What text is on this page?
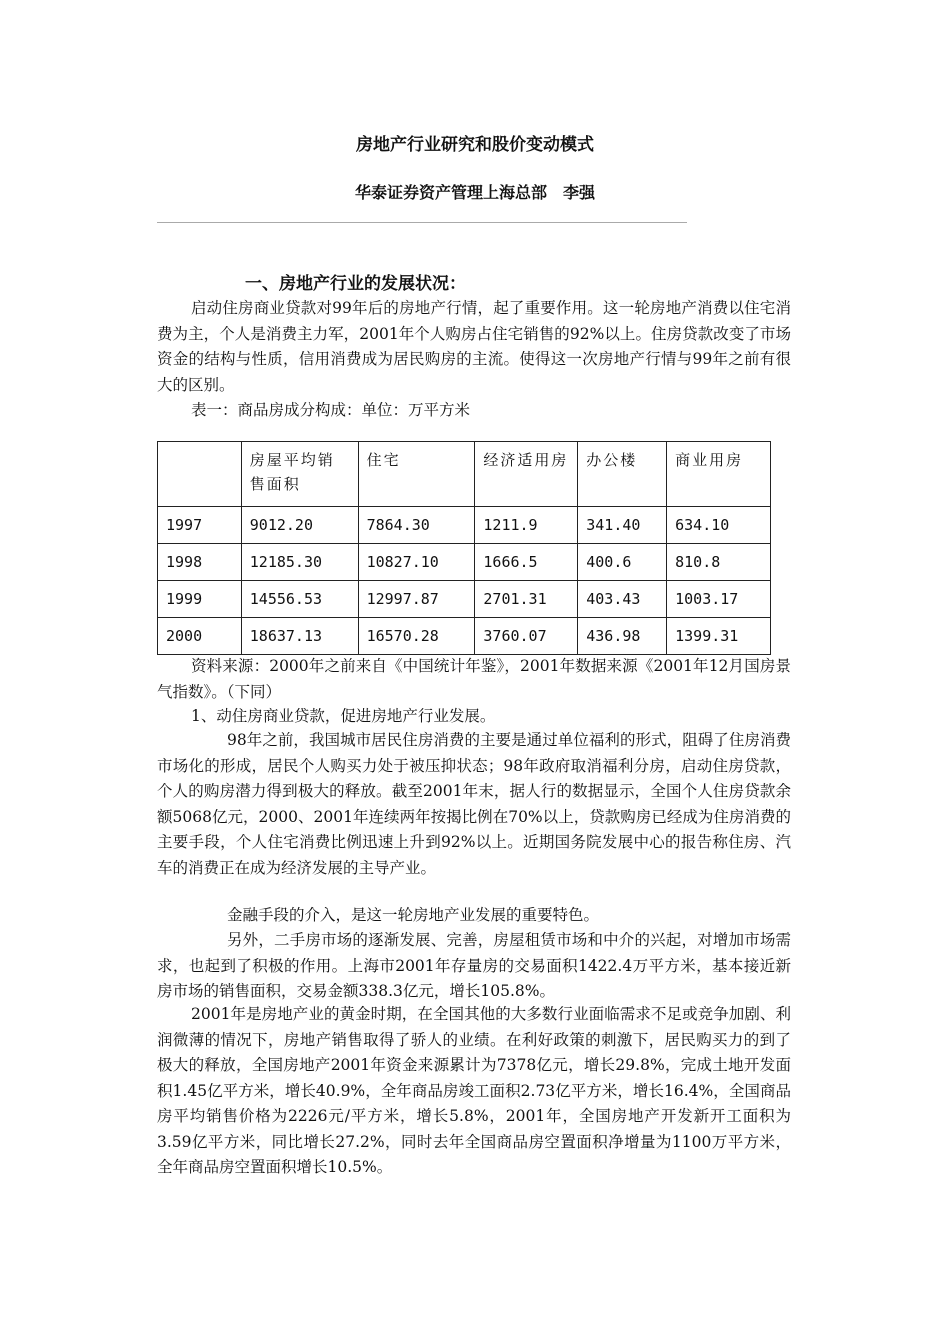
房地产行业研究和股价变动模式
华泰证券资产管理上海总部　李强
一、房地产行业的发展状况：

启动住房商业贷款对99年后的房地产行情，起了重要作用。这一轮房地产消费以住宅消费为主，个人是消费主力军，2001年个人购房占住宅销售的92%以上。住房贷款改变了市场资金的结构与性质，信用消费成为居民购房的主流。使得这一次房地产行情与99年之前有很大的区别。

表一：商品房成分构成：单位：万平方米

	房屋平均销售面积	住宅	经济适用房	办公楼	商业用房
1997	9012.20	7864.30	1211.9	341.40	634.10
1998	12185.30	10827.10	1666.5	400.6	810.8
1999	14556.53	12997.87	2701.31	403.43	1003.17
2000	18637.13	16570.28	3760.07	436.98	1399.31

资料来源：2000年之前来自《中国统计年鉴》，2001年数据来源《2001年12月国房景气指数》。（下同）

1、动住房商业贷款，促进房地产行业发展。

98年之前，我国城市居民住房消费的主要是通过单位福利的形式，阻碍了住房消费市场化的形成，居民个人购买力处于被压抑状态；98年政府取消福利分房，启动住房贷款，个人的购房潜力得到极大的释放。截至2001年末，据人行的数据显示，全国个人住房贷款余额5068亿元，2000、2001年连续两年按揭比例在70%以上，贷款购房已经成为住房消费的主要手段，个人住宅消费比例迅速上升到92%以上。近期国务院发展中心的报告称住房、汽车的消费正在成为经济发展的主导产业。

金融手段的介入，是这一轮房地产业发展的重要特色。

另外，二手房市场的逐渐发展、完善，房屋租赁市场和中介的兴起，对增加市场需求，也起到了积极的作用。上海市2001年存量房的交易面积1422.4万平方米，基本接近新房市场的销售面积，交易金额338.3亿元，增长105.8%。

2001年是房地产业的黄金时期，在全国其他的大多数行业面临需求不足或竞争加剧、利润微薄的情况下，房地产销售取得了骄人的业绩。在利好政策的刺激下，居民购买力的到了极大的释放，全国房地产2001年资金来源累计为7378亿元，增长29.8%，完成土地开发面积1.45亿平方米，增长40.9%，全年商品房竣工面积2.73亿平方米，增长16.4%，全国商品房平均销售价格为2226元/平方米，增长5.8%，2001年，全国房地产开发新开工面积为3.59亿平方米，同比增长27.2%，同时去年全国商品房空置面积净增量为1100万平方米，全年商品房空置面积增长10.5%。
